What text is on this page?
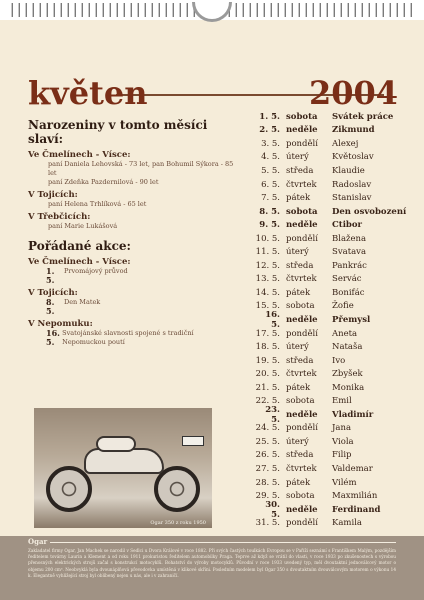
květen	2004
Narozeniny v tomto měsíci slaví:
Ve Čmelínech - Víscе:
paní Daniela Lehovská - 73 let, pan Bohumil Sýkora - 85 let
paní Zdeňka Pazdernilová - 90 let
V Tojicích:
paní Helena Trhlíková - 65 let
V Třebčicích:
paní Marie Lukášová
Pořádané akce:
Ve Čmelínech - Vísce:
1. 5.
Prvomájový průvod
V Tojicích:
8. 5.
Den Matek
V Nepomuku:
16. 5.
Svatojánské slavnosti spojené s tradiční Nepomuckou poutí
Ogar 350 z roku 1950
1. 5. sobota	Svátek práce
2. 5. neděle	Zikmund
3. 5. pondělí	Alexej
4. 5. úterý	Květoslav
5. 5. středa	Klaudie
6. 5. čtvrtek	Radoslav
7. 5. pátek	Stanislav
8. 5. sobota	Den osvobození
9. 5. neděle	Ctibor
10. 5. pondělí	Blažena
11. 5. úterý	Svatava
12. 5. středa	Pankrác
13. 5. čtvrtek	Servác
14. 5. pátek	Bonifác
15. 5. sobota	Žofie
16. 5.
neděle	Přemysl
17. 5. pondělí	Aneta
18. 5. úterý	Nataša
19. 5. středa	Ivo
20. 5. čtvrtek	Zbyšek
21. 5. pátek	Monika
22. 5. sobota	Emil
23. 5.
neděle	Vladimír
24. 5. pondělí	Jana
25. 5. úterý	Viola
26. 5. středa	Filip
27. 5. čtvrtek	Valdemar
28. 5. pátek	Vilém
29. 5. sobota	Maxmilián
30. 5.
neděle	Ferdinand
31. 5. pondělí	Kamila
Ogar
Zakladatel firmy Ogar, Jan Machek se narodil v Sedlci u Dvora Králové v roce 1882. Při svých častých toulkách Evropou se v Paříži seznámí s Františkem Malým, pozdějším ředitelem továrny Laurin a Klement a od roku 1911 prokuristou ředitelem automobilky Praga. Teprve až když se vrátil do vlasti, v roce 1933 po zkušenostech s výrobou přenosných elektrických strojů začal s konstrukcí motocyklů. Bohatství do výroby motocyklů. Původní v roce 1933 uvedený typ, měl dvoutaktní jednoválcový motor o objemu 200 cm³. Neobvyklá byla dvounáplňová převodovka umístěná v klikové skříni. Posledním modelem byl Ogar 350 s dvoutaktním dvouválcovým motorem o výkonu 14 k. Elegantně vyhlížející stroj byl oblíbený nejen u nás, ale i v zahraničí.
